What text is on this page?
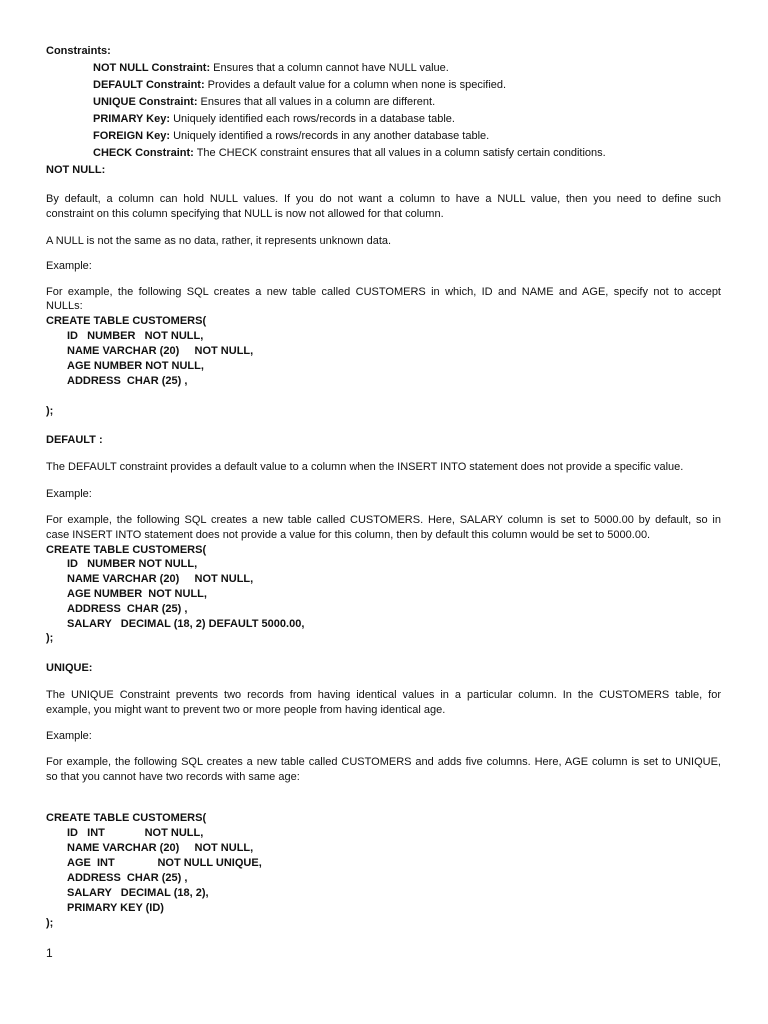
Constraints:
NOT NULL Constraint: Ensures that a column cannot have NULL value.
DEFAULT Constraint: Provides a default value for a column when none is specified.
UNIQUE Constraint: Ensures that all values in a column are different.
PRIMARY Key: Uniquely identified each rows/records in a database table.
FOREIGN Key: Uniquely identified a rows/records in any another database table.
CHECK Constraint: The CHECK constraint ensures that all values in a column satisfy certain conditions.
NOT NULL:
By default, a column can hold NULL values. If you do not want a column to have a NULL value, then you need to define such
constraint on this column specifying that NULL is now not allowed for that column.
A NULL is not the same as no data, rather, it represents unknown data.
Example:
For example, the following SQL creates a new table called CUSTOMERS in which, ID and NAME and AGE, specify not to accept
NULLs:
CREATE TABLE CUSTOMERS(
ID   NUMBER   NOT NULL,
NAME VARCHAR (20)     NOT NULL,
AGE NUMBER NOT NULL,
ADDRESS  CHAR (25) ,
);
DEFAULT :
The DEFAULT constraint provides a default value to a column when the INSERT INTO statement does not provide a specific value.
Example:
For example, the following SQL creates a new table called CUSTOMERS. Here, SALARY column is set to 5000.00 by default, so in
case INSERT INTO statement does not provide a value for this column, then by default this column would be set to 5000.00.
CREATE TABLE CUSTOMERS(
ID   NUMBER NOT NULL,
NAME VARCHAR (20)     NOT NULL,
AGE NUMBER  NOT NULL,
ADDRESS  CHAR (25) ,
SALARY   DECIMAL (18, 2) DEFAULT 5000.00,
);
UNIQUE:
The UNIQUE Constraint prevents two records from having identical values in a particular column. In the CUSTOMERS table, for
example, you might want to prevent two or more people from having identical age.
Example:
For example, the following SQL creates a new table called CUSTOMERS and adds five columns. Here, AGE column is set to UNIQUE,
so that you cannot have two records with same age:
CREATE TABLE CUSTOMERS(
ID   INT             NOT NULL,
NAME VARCHAR (20)     NOT NULL,
AGE  INT              NOT NULL UNIQUE,
ADDRESS  CHAR (25) ,
SALARY   DECIMAL (18, 2),
PRIMARY KEY (ID)
);
1
